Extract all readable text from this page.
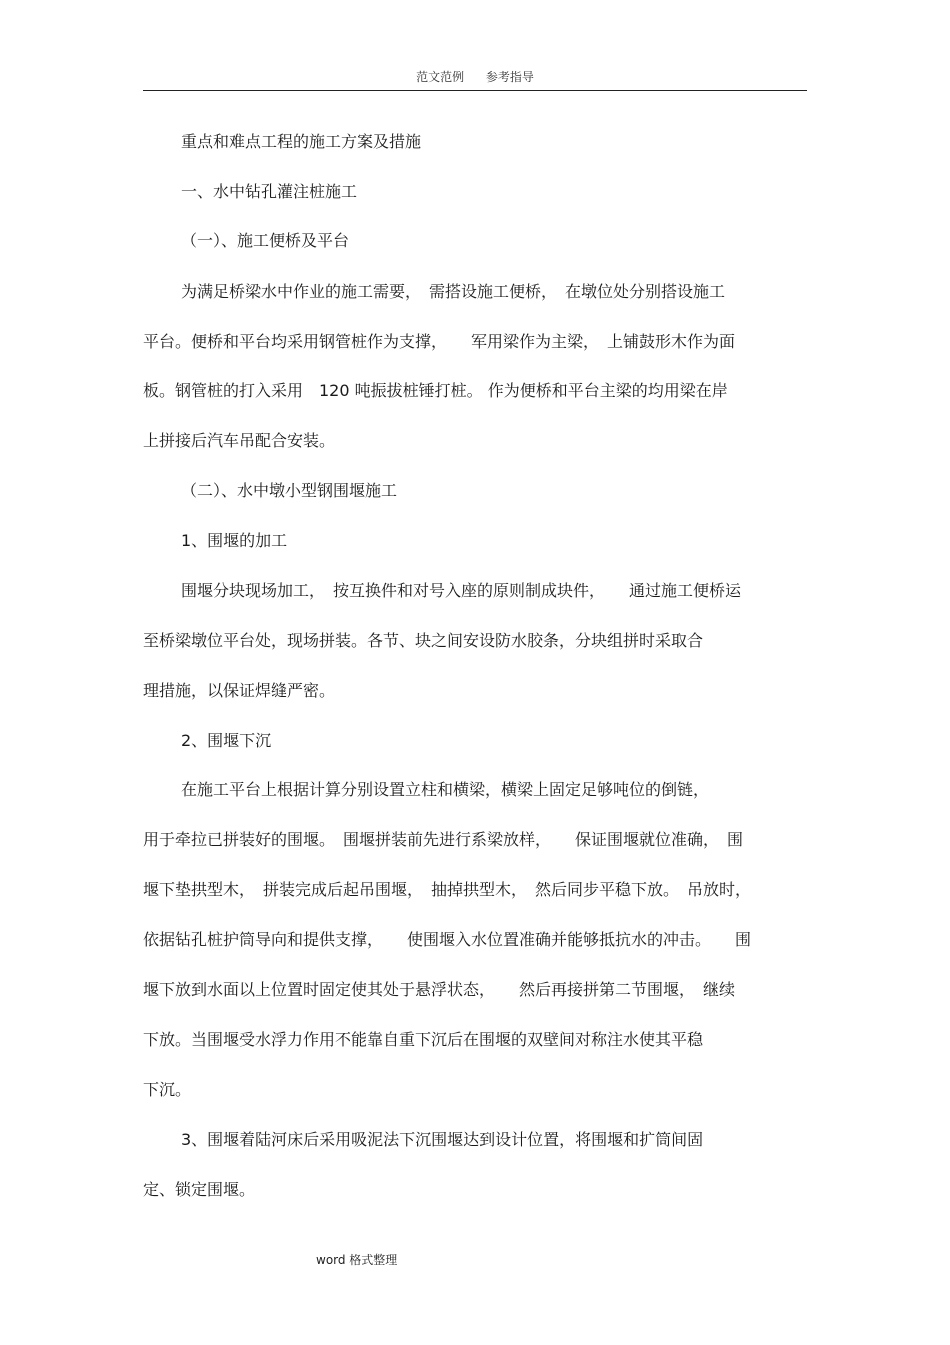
范文范例 参考指导
重点和难点工程的施工方案及措施
一、水中钻孔灌注桩施工
（一）、施工便桥及平台
为满足桥梁水中作业的施工需要，　需搭设施工便桥，　在墩位处分别搭设施工
平台。便桥和平台均采用钢管桩作为支撑，　　军用梁作为主梁，　上铺鼓形木作为面
板。钢管桩的打入采用　120 吨振拔桩锤打桩。 作为便桥和平台主梁的均用梁在岸
上拼接后汽车吊配合安装。
（二）、水中墩小型钢围堰施工
1、围堰的加工
围堰分块现场加工，　按互换件和对号入座的原则制成块件，　　通过施工便桥运
至桥梁墩位平台处，现场拼装。各节、块之间安设防水胶条，分块组拼时采取合
理措施，以保证焊缝严密。
2、围堰下沉
在施工平台上根据计算分别设置立柱和横梁，横梁上固定足够吨位的倒链，
用于牵拉已拼装好的围堰。　围堰拼装前先进行系梁放样，　　保证围堰就位准确，　围
堰下垫拱型木，　拼装完成后起吊围堰，　抽掉拱型木，　然后同步平稳下放。　吊放时，
依据钻孔桩护筒导向和提供支撑，　　使围堰入水位置准确并能够抵抗水的冲击。　　围
堰下放到水面以上位置时固定使其处于悬浮状态，　　然后再接拼第二节围堰，　继续
下放。当围堰受水浮力作用不能靠自重下沉后在围堰的双壁间对称注水使其平稳
下沉。
3、围堰着陆河床后采用吸泥法下沉围堰达到设计位置，将围堰和扩筒间固
定、锁定围堰。
word 格式整理
